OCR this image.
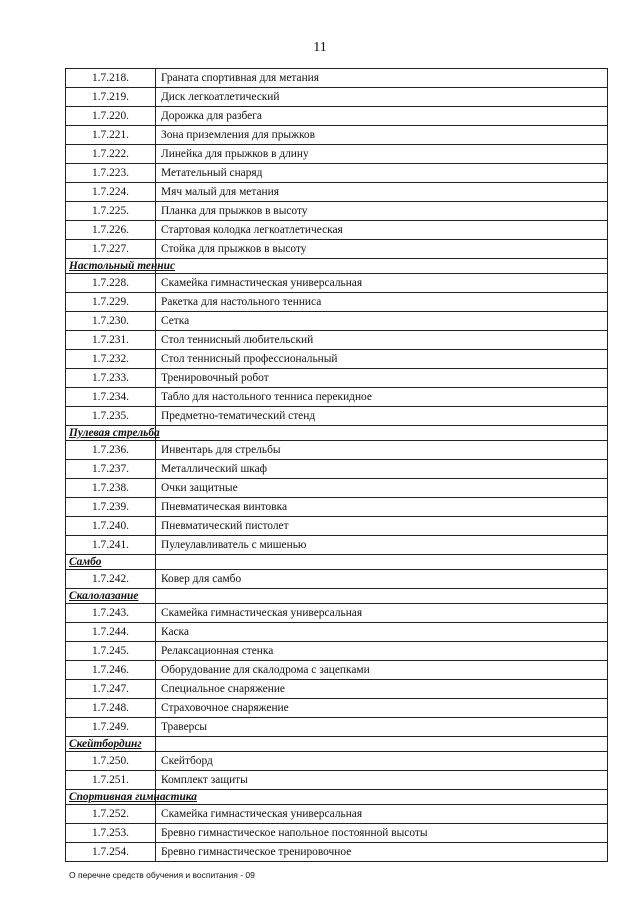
11
1.7.218.	Граната спортивная для метания
1.7.219.	Диск легкоатлетический
1.7.220.	Дорожка для разбега
1.7.221.	Зона приземления для прыжков
1.7.222.	Линейка для прыжков в длину
1.7.223.	Метательный снаряд
1.7.224.	Мяч малый для метания
1.7.225.	Планка для прыжков в высоту
1.7.226.	Стартовая колодка легкоатлетическая
1.7.227.	Стойка для прыжков в высоту
Настольный теннис	
1.7.228.	Скамейка гимнастическая универсальная
1.7.229.	Ракетка для настольного тенниса
1.7.230.	Сетка
1.7.231.	Стол теннисный любительский
1.7.232.	Стол теннисный профессиональный
1.7.233.	Тренировочный робот
1.7.234.	Табло для настольного тенниса перекидное
1.7.235.	Предметно-тематический стенд
Пулевая стрельба	
1.7.236.	Инвентарь для стрельбы
1.7.237.	Металлический шкаф
1.7.238.	Очки защитные
1.7.239.	Пневматическая винтовка
1.7.240.	Пневматический пистолет
1.7.241.	Пулеулавливатель с мишенью
Самбо	
1.7.242.	Ковер для самбо
Скалолазание	
1.7.243.	Скамейка гимнастическая универсальная
1.7.244.	Каска
1.7.245.	Релаксационная стенка
1.7.246.	Оборудование для скалодрома с зацепками
1.7.247.	Специальное снаряжение
1.7.248.	Страховочное снаряжение
1.7.249.	Траверсы
Скейтбординг	
1.7.250.	Скейтборд
1.7.251.	Комплект защиты
Спортивная гимнастика	
1.7.252.	Скамейка гимнастическая универсальная
1.7.253.	Бревно гимнастическое напольное постоянной высоты
1.7.254.	Бревно гимнастическое тренировочное
О перечне средств обучения и воспитания - 09
